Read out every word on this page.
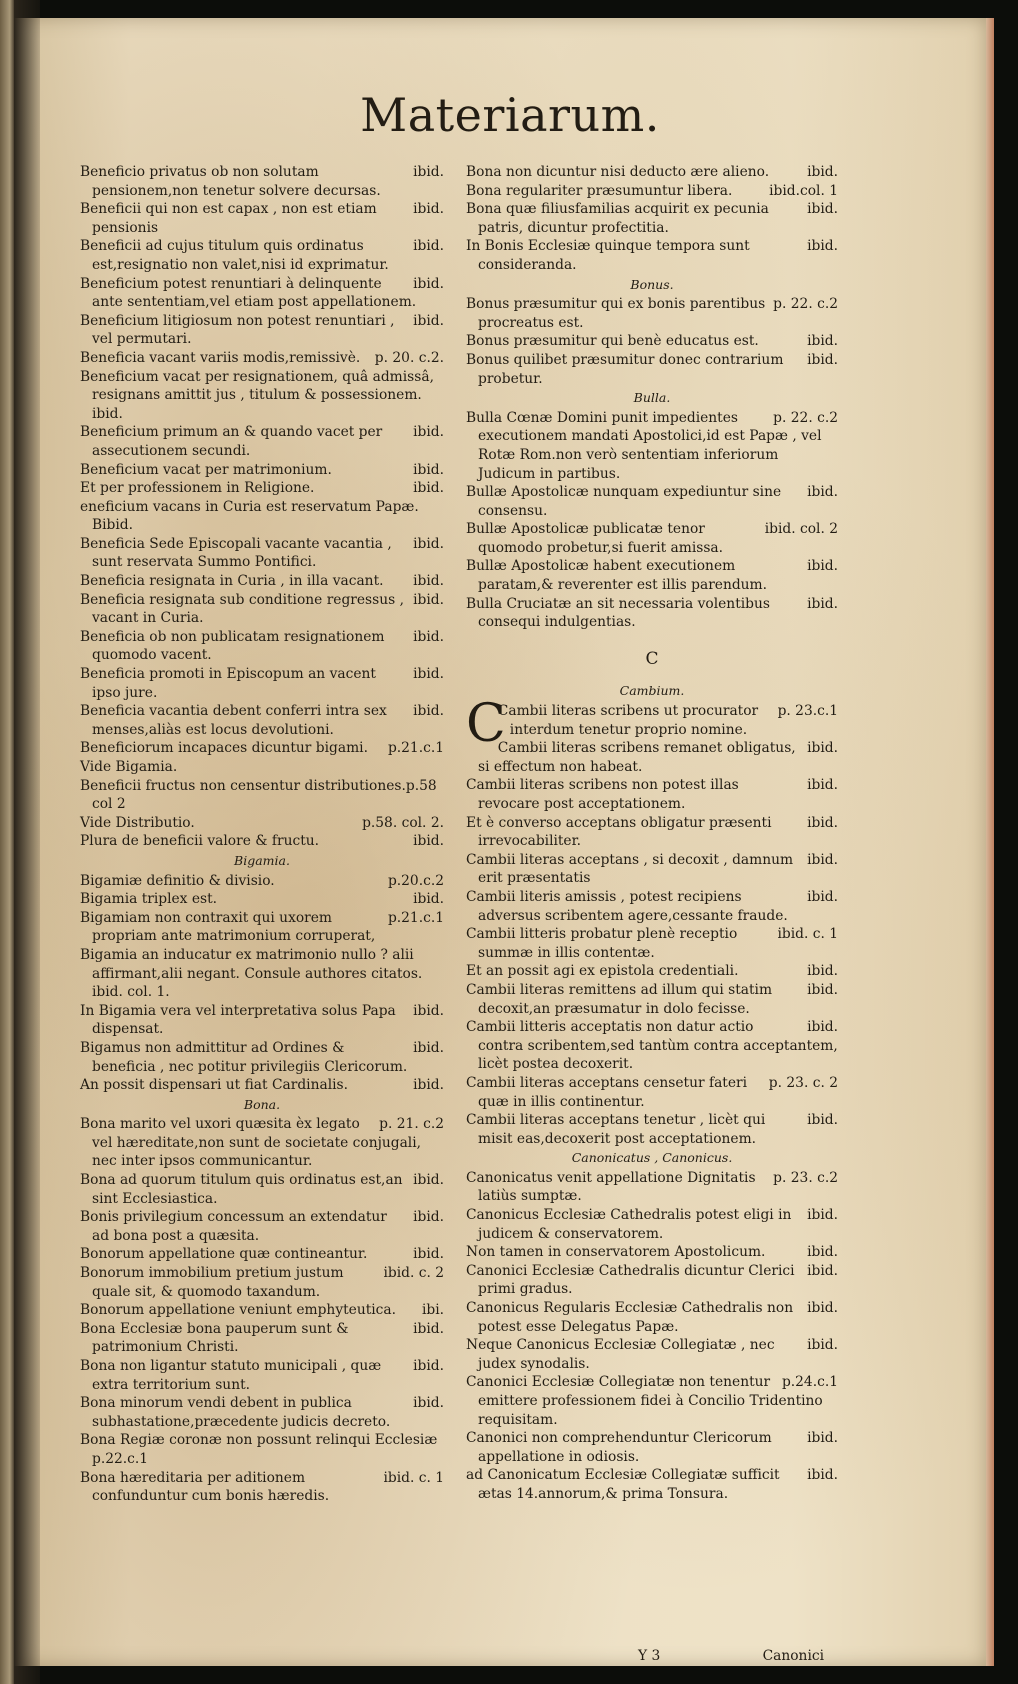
Materiarum.

ibid.
Beneficio privatus ob non solutam pensionem,non tenetur solvere decursas.

ibid.
Beneficii qui non est capax , non est etiam pensionis

ibid.
Beneficii ad cujus titulum quis ordinatus est,resignatio non valet,nisi id exprimatur.

ibid.
Beneficium potest renuntiari à delinquente ante sententiam,vel etiam post appellationem.

ibid.
Beneficium litigiosum non potest renuntiari , vel permutari.

p. 20. c.2.
Beneficia vacant variis modis,remissivè.

Beneficium vacat per resignationem, quâ admissâ, resignans amittit jus , titulum & possessionem. ibid.

ibid.
Beneficium primum an & quando vacet per assecutionem secundi.

ibid.
Beneficium vacat per matrimonium.

ibid.
Et per professionem in Religione.

eneficium vacans in Curia est reservatum Papæ. Bibid.

ibid.
Beneficia Sede Episcopali vacante vacantia , sunt reservata Summo Pontifici.

ibid.
Beneficia resignata in Curia , in illa vacant.

ibid.
Beneficia resignata sub conditione regressus , vacant in Curia.

ibid.
Beneficia ob non publicatam resignationem quomodo vacent.

ibid.
Beneficia promoti in Episcopum an vacent ipso jure.

ibid.
Beneficia vacantia debent conferri intra sex menses,aliàs est locus devolutioni.

p.21.c.1
Beneficiorum incapaces dicuntur bigami.

Vide Bigamia.

Beneficii fructus non censentur distributiones.p.58 col 2

p.58. col. 2.
Vide Distributio.

ibid.
Plura de beneficii valore & fructu.

Bigamia.

p.20.c.2
Bigamiæ definitio & divisio.

ibid.
Bigamia triplex est.

p.21.c.1
Bigamiam non contraxit qui uxorem propriam ante matrimonium corruperat,

Bigamia an inducatur ex matrimonio nullo ? alii affirmant,alii negant. Consule authores citatos. ibid. col. 1.

ibid.
In Bigamia vera vel interpretativa solus Papa dispensat.

ibid.
Bigamus non admittitur ad Ordines & beneficia , nec potitur privilegiis Clericorum.

ibid.
An possit dispensari ut fiat Cardinalis.

Bona.

p. 21. c.2
Bona marito vel uxori quæsita èx legato vel hæreditate,non sunt de societate conjugali, nec inter ipsos communicantur.

ibid.
Bona ad quorum titulum quis ordinatus est,an sint Ecclesiastica.

ibid.
Bonis privilegium concessum an extendatur ad bona post a quæsita.

ibid.
Bonorum appellatione quæ contineantur.

ibid. c. 2
Bonorum immobilium pretium justum quale sit, & quomodo taxandum.

ibi.
Bonorum appellatione veniunt emphyteutica.

ibid.
Bona Ecclesiæ bona pauperum sunt & patrimonium Christi.

ibid.
Bona non ligantur statuto municipali , quæ extra territorium sunt.

ibid.
Bona minorum vendi debent in publica subhastatione,præcedente judicis decreto.

Bona Regiæ coronæ non possunt relinqui Ecclesiæ p.22.c.1

ibid. c. 1
Bona hæreditaria per aditionem confunduntur cum bonis hæredis.

ibid.
Bona non dicuntur nisi deducto ære alieno.

ibid.col. 1
Bona regulariter præsumuntur libera.

ibid.
Bona quæ filiusfamilias acquirit ex pecunia patris, dicuntur profectitia.

ibid.
In Bonis Ecclesiæ quinque tempora sunt consideranda.

Bonus.

p. 22. c.2
Bonus præsumitur qui ex bonis parentibus procreatus est.

ibid.
Bonus præsumitur qui benè educatus est.

ibid.
Bonus quilibet præsumitur donec contrarium probetur.

Bulla.

p. 22. c.2
Bulla Cœnæ Domini punit impedientes executionem mandati Apostolici,id est Papæ , vel Rotæ Rom.non verò sententiam inferiorum Judicum in partibus.

ibid.
Bullæ Apostolicæ nunquam expediuntur sine consensu.

ibid. col. 2
Bullæ Apostolicæ publicatæ tenor quomodo probetur,si fuerit amissa.

ibid.
Bullæ Apostolicæ habent executionem paratam,& reverenter est illis parendum.

ibid.
Bulla Cruciatæ an sit necessaria volentibus consequi indulgentias.

C
Cambium.

p. 23.c.1
C
Cambii literas scribens ut procurator interdum tenetur proprio nomine.

ibid.
Cambii literas scribens remanet obligatus, si effectum non habeat.

ibid.
Cambii literas scribens non potest illas revocare post acceptationem.

ibid.
Et è converso acceptans obligatur præsenti irrevocabiliter.

ibid.
Cambii literas acceptans , si decoxit , damnum erit præsentatis

ibid.
Cambii literis amissis , potest recipiens adversus scribentem agere,cessante fraude.

ibid. c. 1
Cambii litteris probatur plenè receptio summæ in illis contentæ.

ibid.
Et an possit agi ex epistola credentiali.

ibid.
Cambii literas remittens ad illum qui statim decoxit,an præsumatur in dolo fecisse.

ibid.
Cambii litteris acceptatis non datur actio contra scribentem,sed tantùm contra acceptantem, licèt postea decoxerit.

p. 23. c. 2
Cambii literas acceptans censetur fateri quæ in illis continentur.

ibid.
Cambii literas acceptans tenetur , licèt qui misit eas,decoxerit post acceptationem.

Canonicatus , Canonicus.

p. 23. c.2
Canonicatus venit appellatione Dignitatis latiùs sumptæ.

ibid.
Canonicus Ecclesiæ Cathedralis potest eligi in judicem & conservatorem.

ibid.
Non tamen in conservatorem Apostolicum.

ibid.
Canonici Ecclesiæ Cathedralis dicuntur Clerici primi gradus.

ibid.
Canonicus Regularis Ecclesiæ Cathedralis non potest esse Delegatus Papæ.

ibid.
Neque Canonicus Ecclesiæ Collegiatæ , nec judex synodalis.

p.24.c.1
Canonici Ecclesiæ Collegiatæ non tenentur emittere professionem fidei à Concilio Tridentino requisitam.

ibid.
Canonici non comprehenduntur Clericorum appellatione in odiosis.

ibid.
ad Canonicatum Ecclesiæ Collegiatæ sufficit ætas 14.annorum,& prima Tonsura.

Y 3	Canonici
